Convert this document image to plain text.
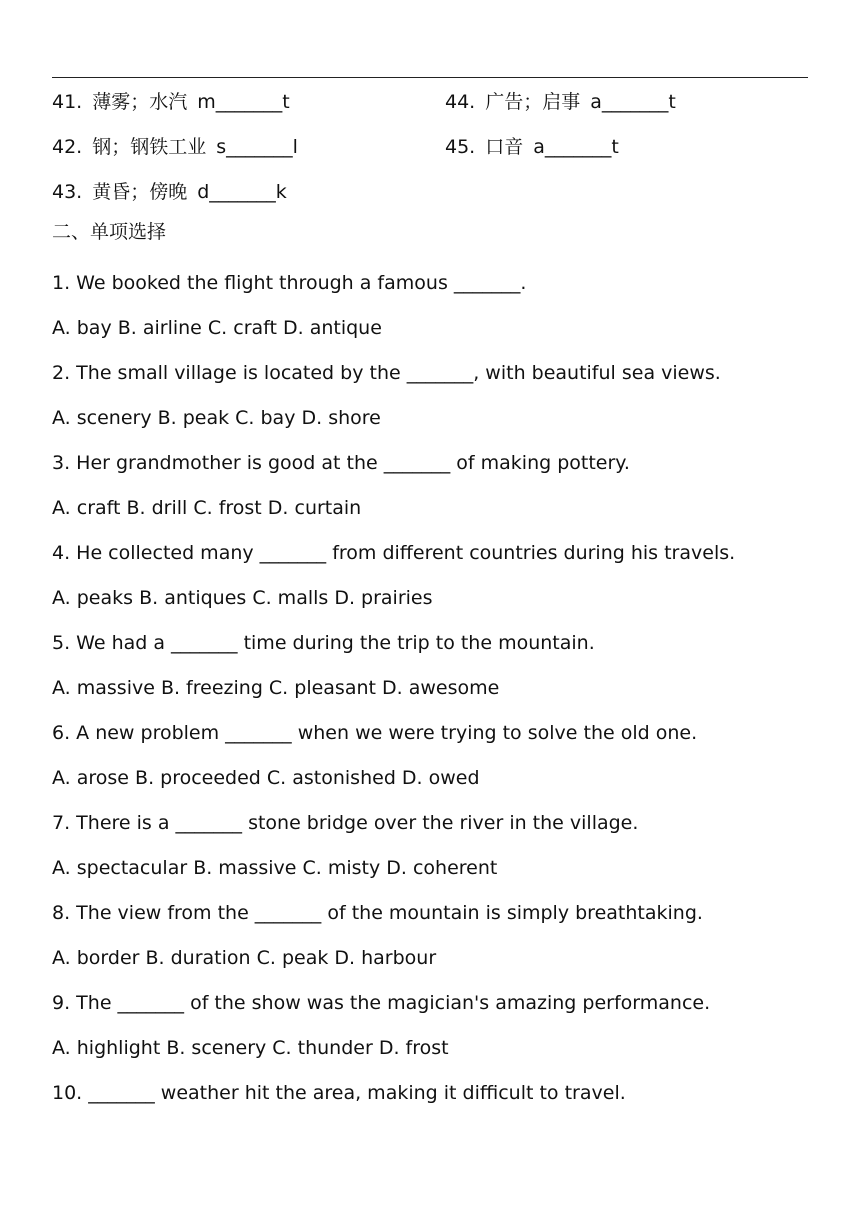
41. 薄雾；水汽 m_______t	44. 广告；启事 a_______t
42. 钢；钢铁工业 s_______l	45. 口音 a_______t
43. 黄昏；傍晚 d_______k
二、单项选择
1. We booked the flight through a famous _______.
A. bay B. airline C. craft D. antique
2. The small village is located by the _______, with beautiful sea views.
A. scenery B. peak C. bay D. shore
3. Her grandmother is good at the _______ of making pottery.
A. craft B. drill C. frost D. curtain
4. He collected many _______ from different countries during his travels.
A. peaks B. antiques C. malls D. prairies
5. We had a _______ time during the trip to the mountain.
A. massive B. freezing C. pleasant D. awesome
6. A new problem _______ when we were trying to solve the old one.
A. arose B. proceeded C. astonished D. owed
7. There is a _______ stone bridge over the river in the village.
A. spectacular B. massive C. misty D. coherent
8. The view from the _______ of the mountain is simply breathtaking.
A. border B. duration C. peak D. harbour
9. The _______ of the show was the magician's amazing performance.
A. highlight B. scenery C. thunder D. frost
10. _______ weather hit the area, making it difficult to travel.
